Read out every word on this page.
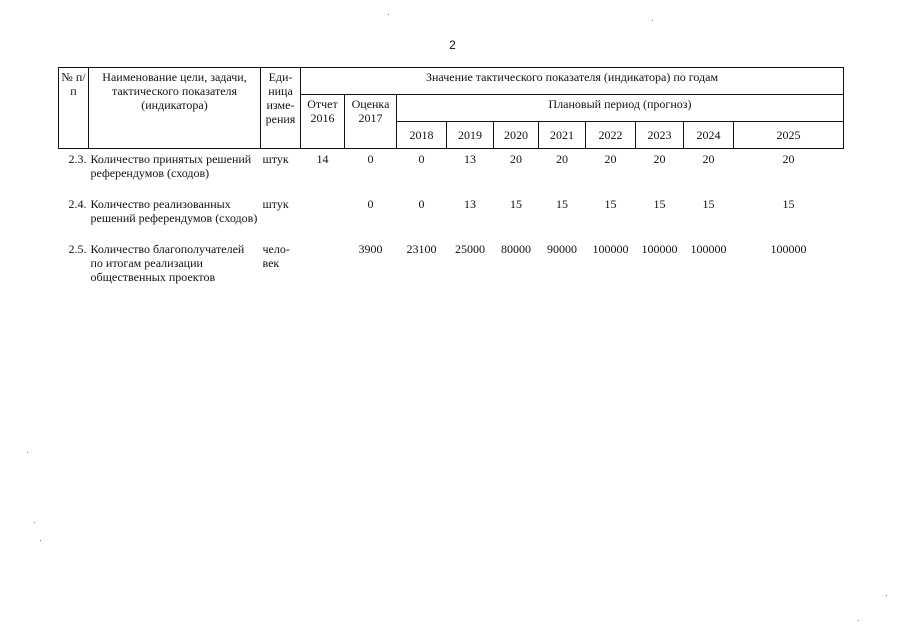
2
№ п/п	Наименование цели, задачи, тактического показателя (индикатора)	Еди-ница изме-рения	Значение тактического показателя (индикатора) по годам									
			Отчет 2016	Оценка 2017	Плановый период (прогноз)							
					2018	2019	2020	2021	2022	2023	2024	2025
2.3.	Количество принятых решений референдумов (сходов)	штук	14	0	0	13	20	20	20	20	20	20
2.4.	Количество реализованных решений референдумов (сходов)	штук		0	0	13	15	15	15	15	15	15
2.5.	Количество благополучателей по итогам реализации общественных проектов	чело-век		3900	23100	25000	80000	90000	100000	100000	100000	100000
